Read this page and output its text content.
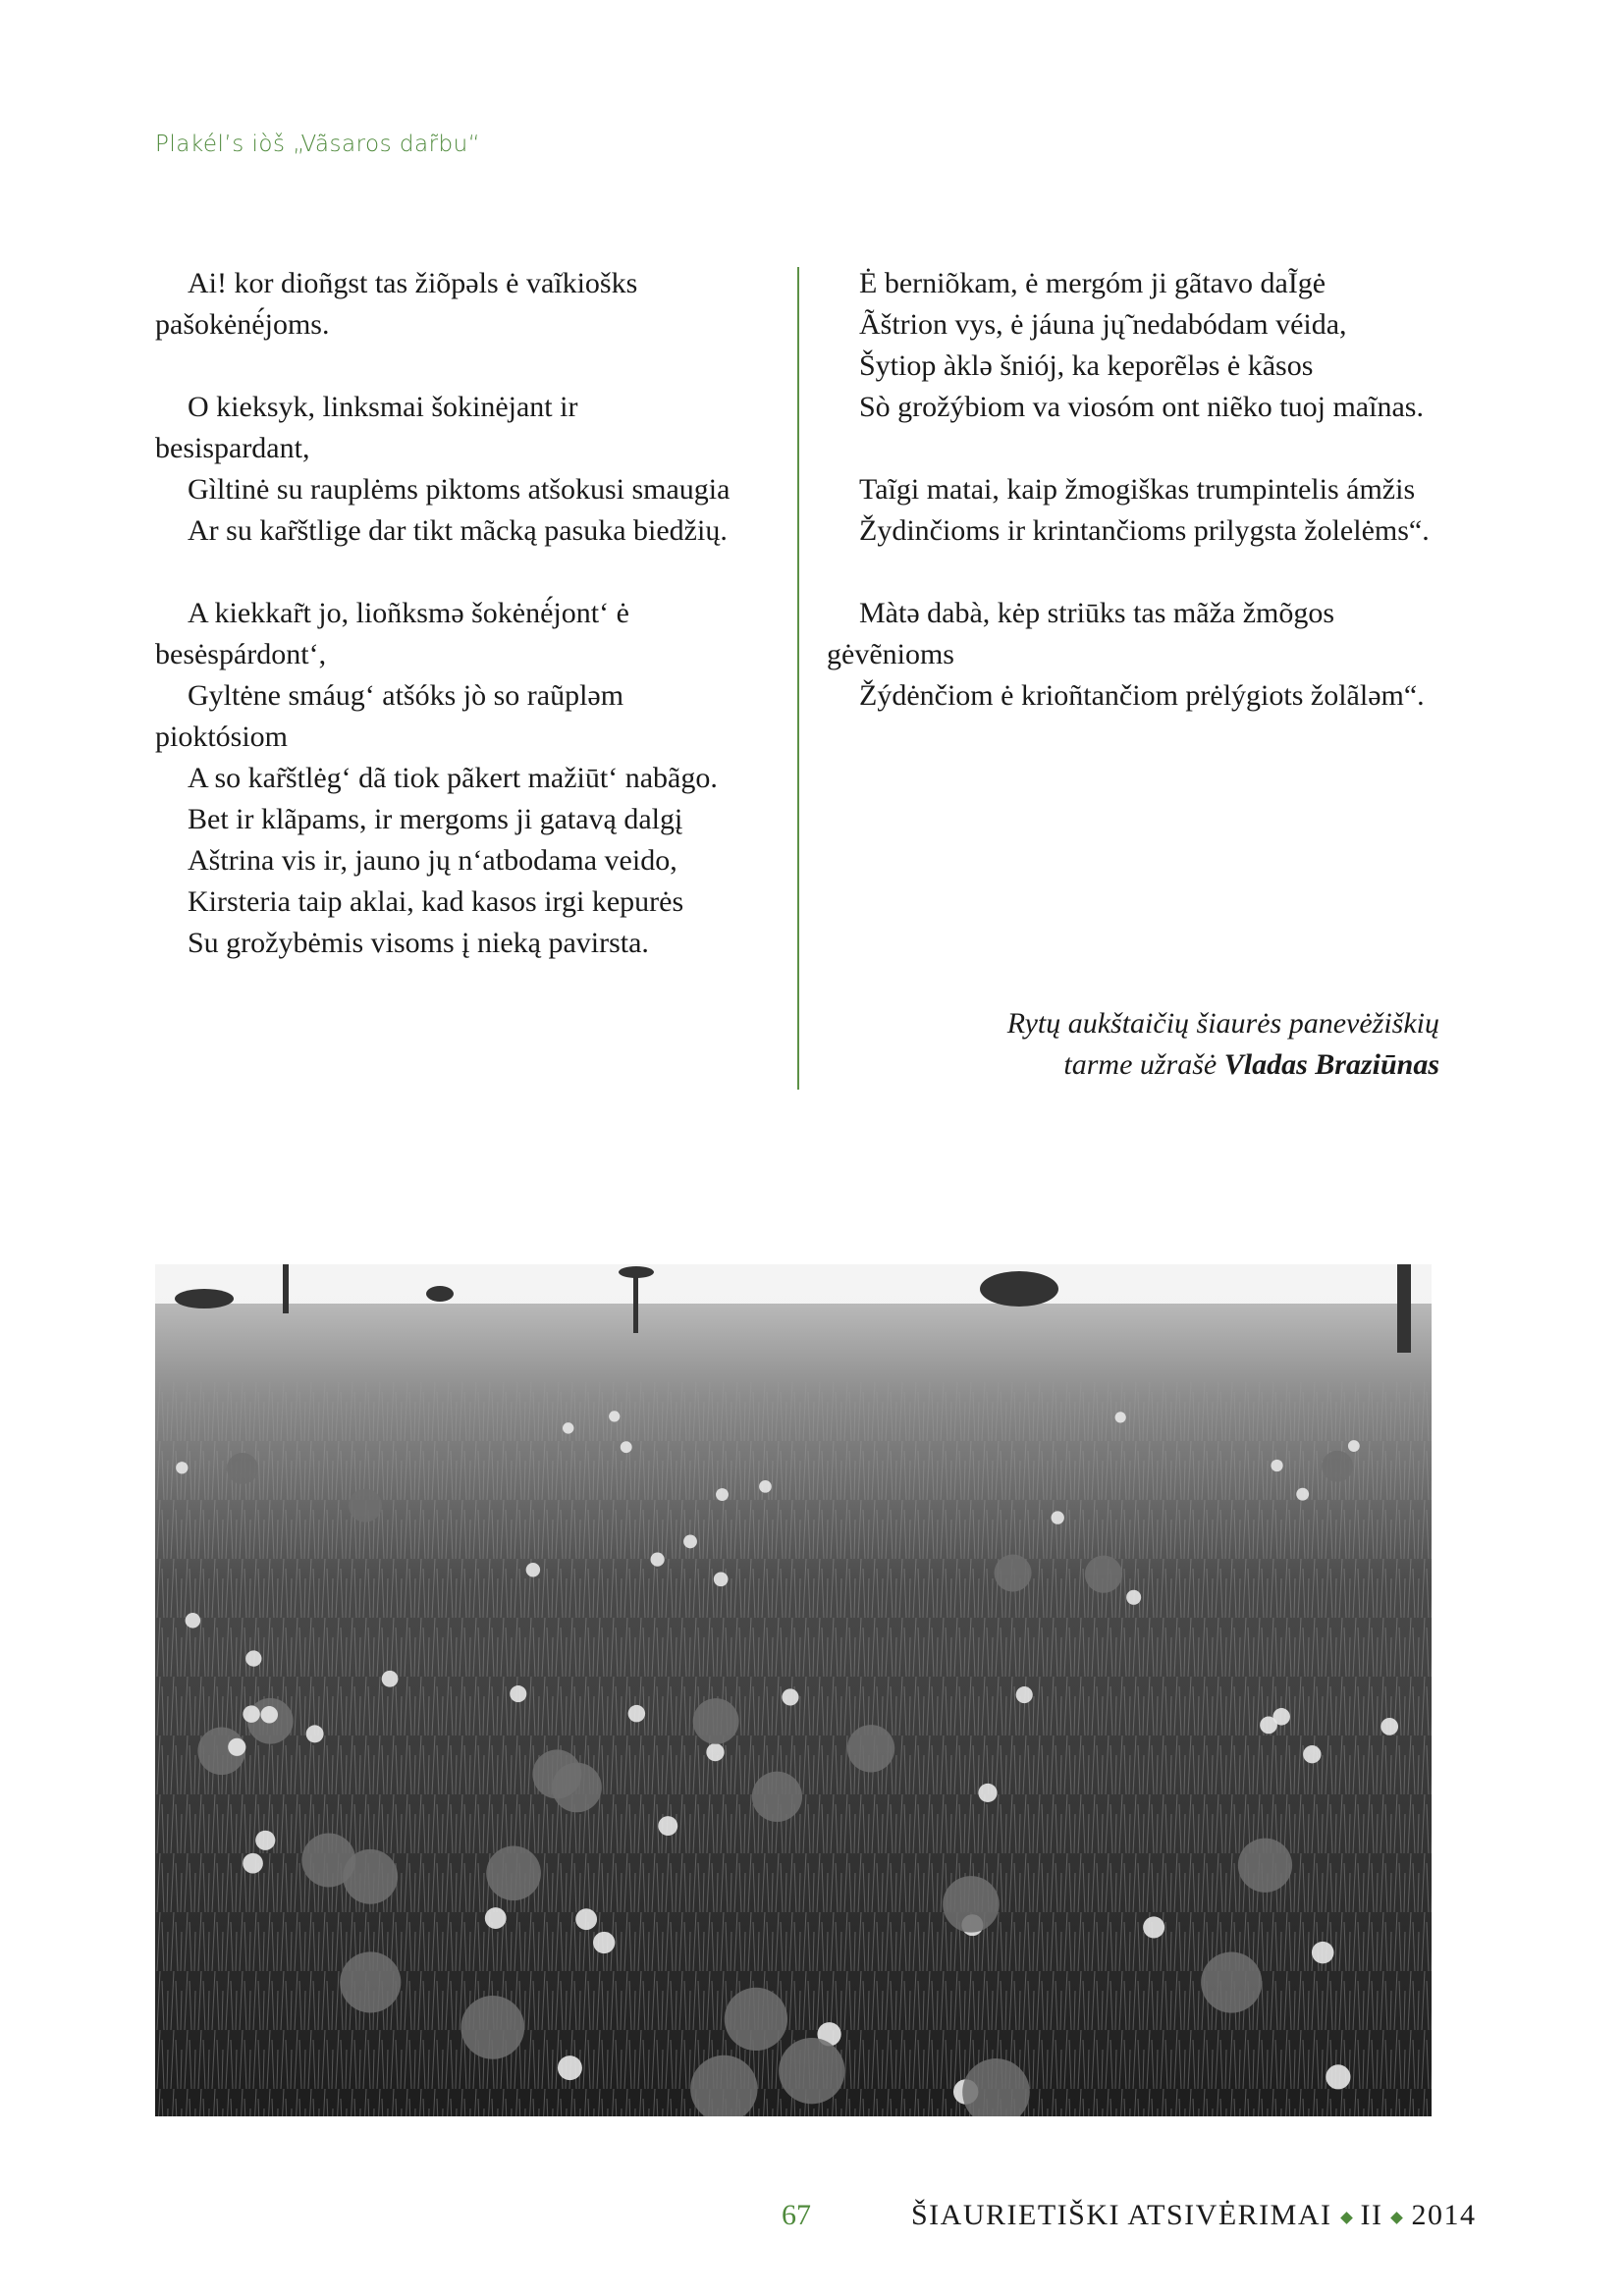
Plakél’s iòš „Vãsaros dar̃bu“
Ai! kor dioñgst tas žiõpəls ė vaĩkiošks pašokėnė́joms.
O kieksyk, linksmai šokinėjant ir besispardant,
Gìltinė su rauplėms piktoms atšokusi smaugia
Ar su kar̃štlige dar tikt mãcką pasuka biedžių.
A kiekkar̃t jo, lioñksmə šokėnė́jont‘ ė besėspárdont‘,
Gyltėne smáug‘ atšóks jò so raũpləm pioktósiom
A so kar̃štlėg‘ dã tiok pãkert mažiūt‘ nabãgo.
Bet ir klãpams, ir mergoms ji gatavą dalgį
Aštrina vis ir, jauno jų n‘atbodama veido,
Kirsteria taip aklai, kad kasos irgi kepurės
Su grožybėmis visoms į nieką pavirsta.
Ė berniõkam, ė mergóm ji gãtavo daĨgė
Ãštrion vys, ė jáuna jų̃ nedabódam véida,
Šytiop àklə šniój, ka keporẽləs ė kãsos
Sò grožýbiom va viosóm ont niẽko tuoj maĩnas.
Taĩgi matai, kaip žmogiškas trumpintelis ámžis
Žydinčioms ir krintančioms prilygsta žolelėms“.
Màtə dabà, kėp striūks tas mãža žmõgos gėvẽnioms
Žýdėnčiom ė krioñtančiom prėlýgiots žolãləm“.
Rytų aukštaičių šiaurės panevėžiškių
tarme užrašė Vladas Braziūnas
67	ŠIAURIETIŠKI ATSIVĖRIMAI II 2014
